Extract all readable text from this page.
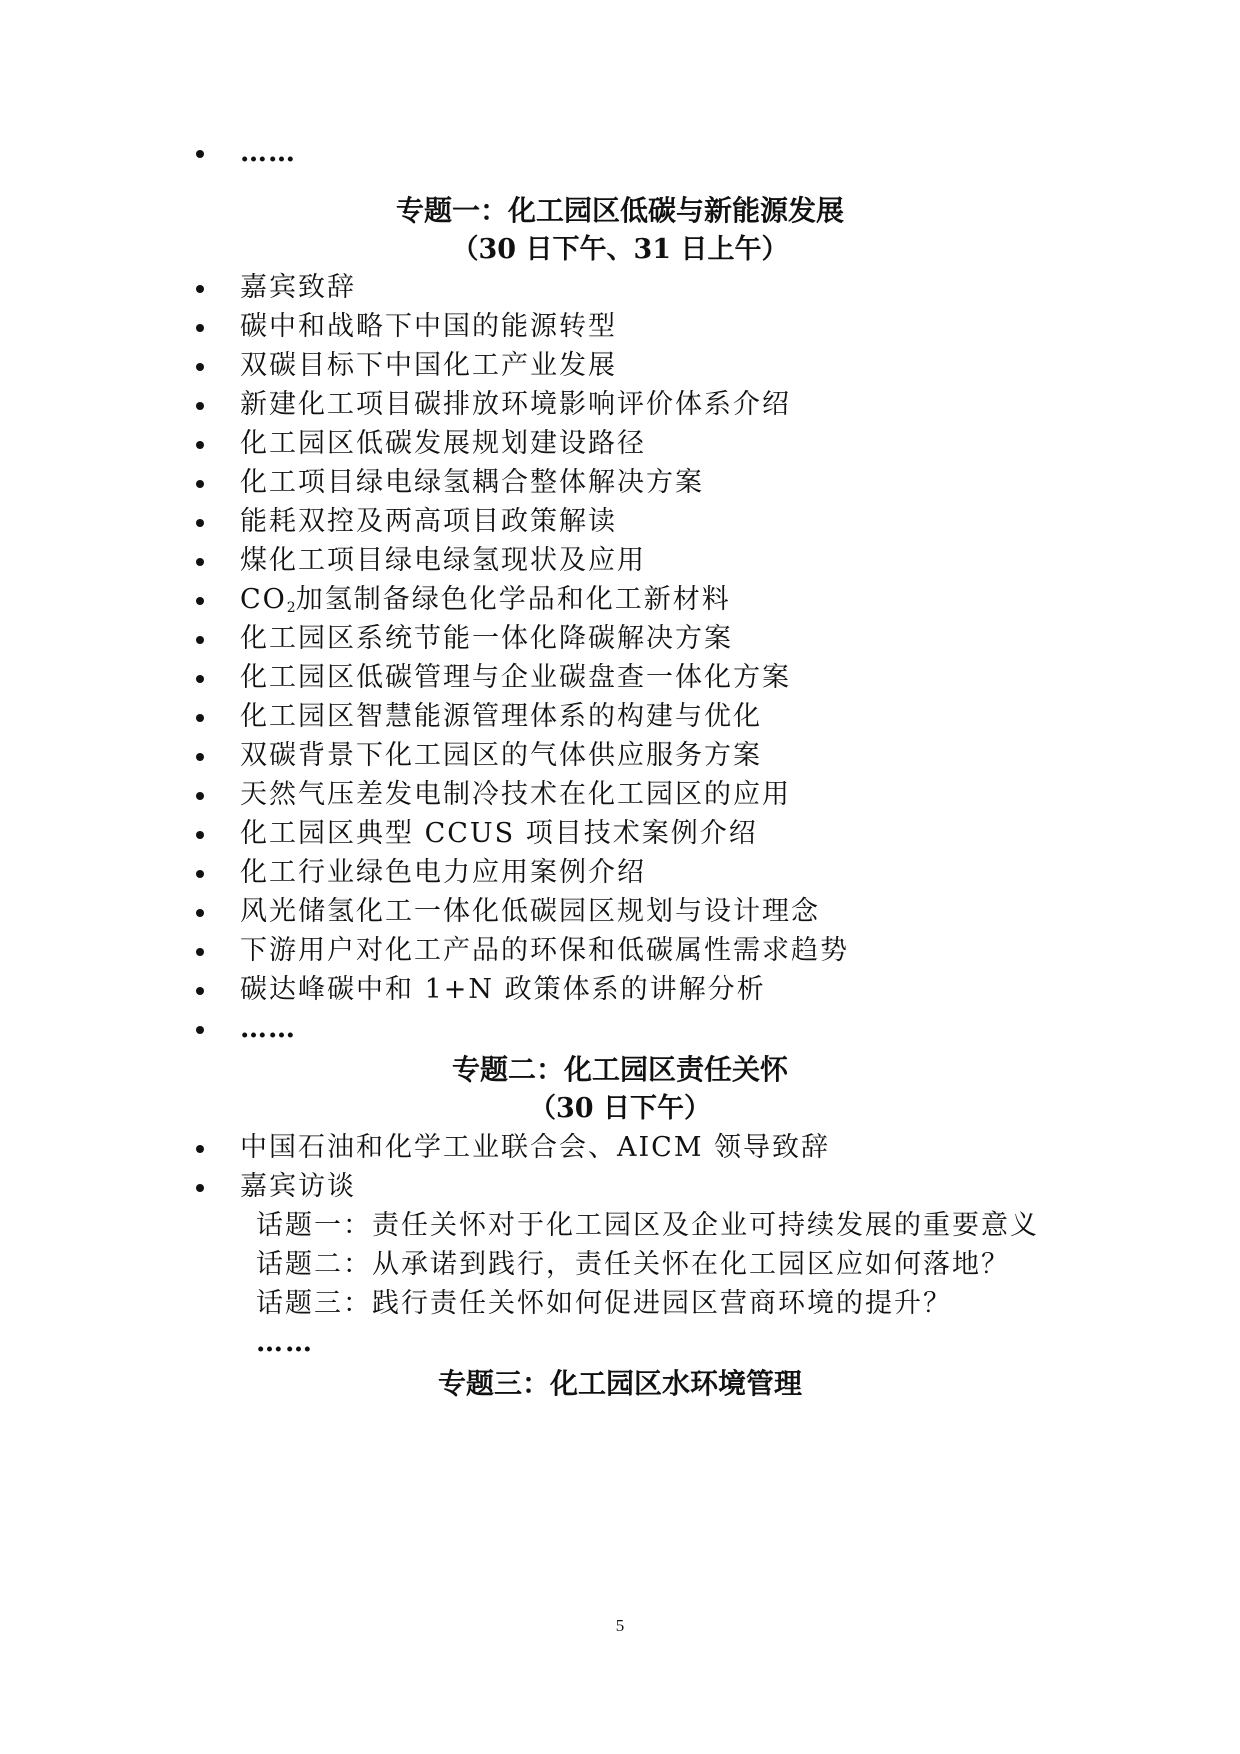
……
专题一：化工园区低碳与新能源发展
（30 日下午、31 日上午）
嘉宾致辞
碳中和战略下中国的能源转型
双碳目标下中国化工产业发展
新建化工项目碳排放环境影响评价体系介绍
化工园区低碳发展规划建设路径
化工项目绿电绿氢耦合整体解决方案
能耗双控及两高项目政策解读
煤化工项目绿电绿氢现状及应用
$CO_2$加氢制备绿色化学品和化工新材料
化工园区系统节能一体化降碳解决方案
化工园区低碳管理与企业碳盘查一体化方案
化工园区智慧能源管理体系的构建与优化
双碳背景下化工园区的气体供应服务方案
天然气压差发电制冷技术在化工园区的应用
化工园区典型 CCUS 项目技术案例介绍
化工行业绿色电力应用案例介绍
风光储氢化工一体化低碳园区规划与设计理念
下游用户对化工产品的环保和低碳属性需求趋势
碳达峰碳中和 1+N 政策体系的讲解分析
……
专题二：化工园区责任关怀
（30 日下午）
中国石油和化学工业联合会、AICM 领导致辞
嘉宾访谈
话题一：责任关怀对于化工园区及企业可持续发展的重要意义
话题二：从承诺到践行，责任关怀在化工园区应如何落地？
话题三：践行责任关怀如何促进园区营商环境的提升？
……
专题三：化工园区水环境管理
5
